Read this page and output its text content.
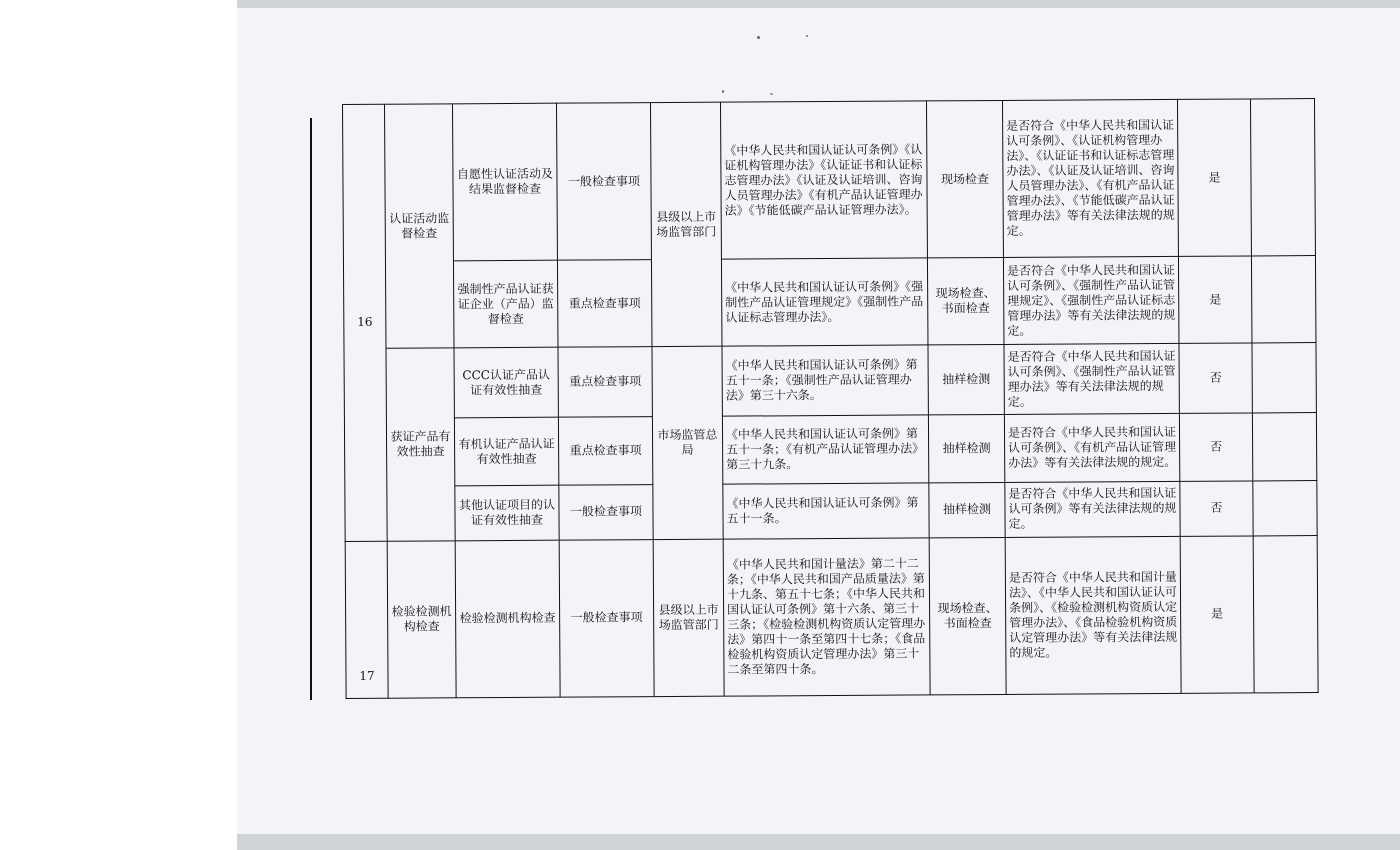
16	认证活动监督检查	自愿性认证活动及结果监督检查	一般检查事项	县级以上市场监管部门	《中华人民共和国认证认可条例》《认证机构管理办法》《认证证书和认证标志管理办法》《认证及认证培训、咨询人员管理办法》《有机产品认证管理办法》《节能低碳产品认证管理办法》。	现场检查	是否符合《中华人民共和国认证认可条例》、《认证机构管理办法》、《认证证书和认证标志管理办法》、《认证及认证培训、咨询人员管理办法》、《有机产品认证管理办法》、《节能低碳产品认证管理办法》等有关法律法规的规定。	是	
		强制性产品认证获证企业（产品）监督检查	重点检查事项		《中华人民共和国认证认可条例》《强制性产品认证管理规定》《强制性产品认证标志管理办法》。	现场检查、书面检查	是否符合《中华人民共和国认证认可条例》、《强制性产品认证管理规定》、《强制性产品认证标志管理办法》等有关法律法规的规定。	是	
	获证产品有效性抽查	CCC认证产品认证有效性抽查	重点检查事项	市场监管总局	《中华人民共和国认证认可条例》第五十一条；《强制性产品认证管理办法》第三十六条。	抽样检测	是否符合《中华人民共和国认证认可条例》、《强制性产品认证管理办法》等有关法律法规的规定。	否	
		有机认证产品认证有效性抽查	重点检查事项		《中华人民共和国认证认可条例》第五十一条；《有机产品认证管理办法》第三十九条。	抽样检测	是否符合《中华人民共和国认证认可条例》、《有机产品认证管理办法》等有关法律法规的规定。	否	
		其他认证项目的认证有效性抽查	一般检查事项		《中华人民共和国认证认可条例》第五十一条。	抽样检测	是否符合《中华人民共和国认证认可条例》等有关法律法规的规定。	否	
17	检验检测机构检查	检验检测机构检查	一般检查事项	县级以上市场监管部门	《中华人民共和国计量法》第二十二条；《中华人民共和国产品质量法》第十九条、第五十七条；《中华人民共和国认证认可条例》第十六条、第三十三条；《检验检测机构资质认定管理办法》第四十一条至第四十七条；《食品检验机构资质认定管理办法》第三十二条至第四十条。	现场检查、书面检查	是否符合《中华人民共和国计量法》、《中华人民共和国认证认可条例》、《检验检测机构资质认定管理办法》、《食品检验机构资质认定管理办法》等有关法律法规的规定。	是	
